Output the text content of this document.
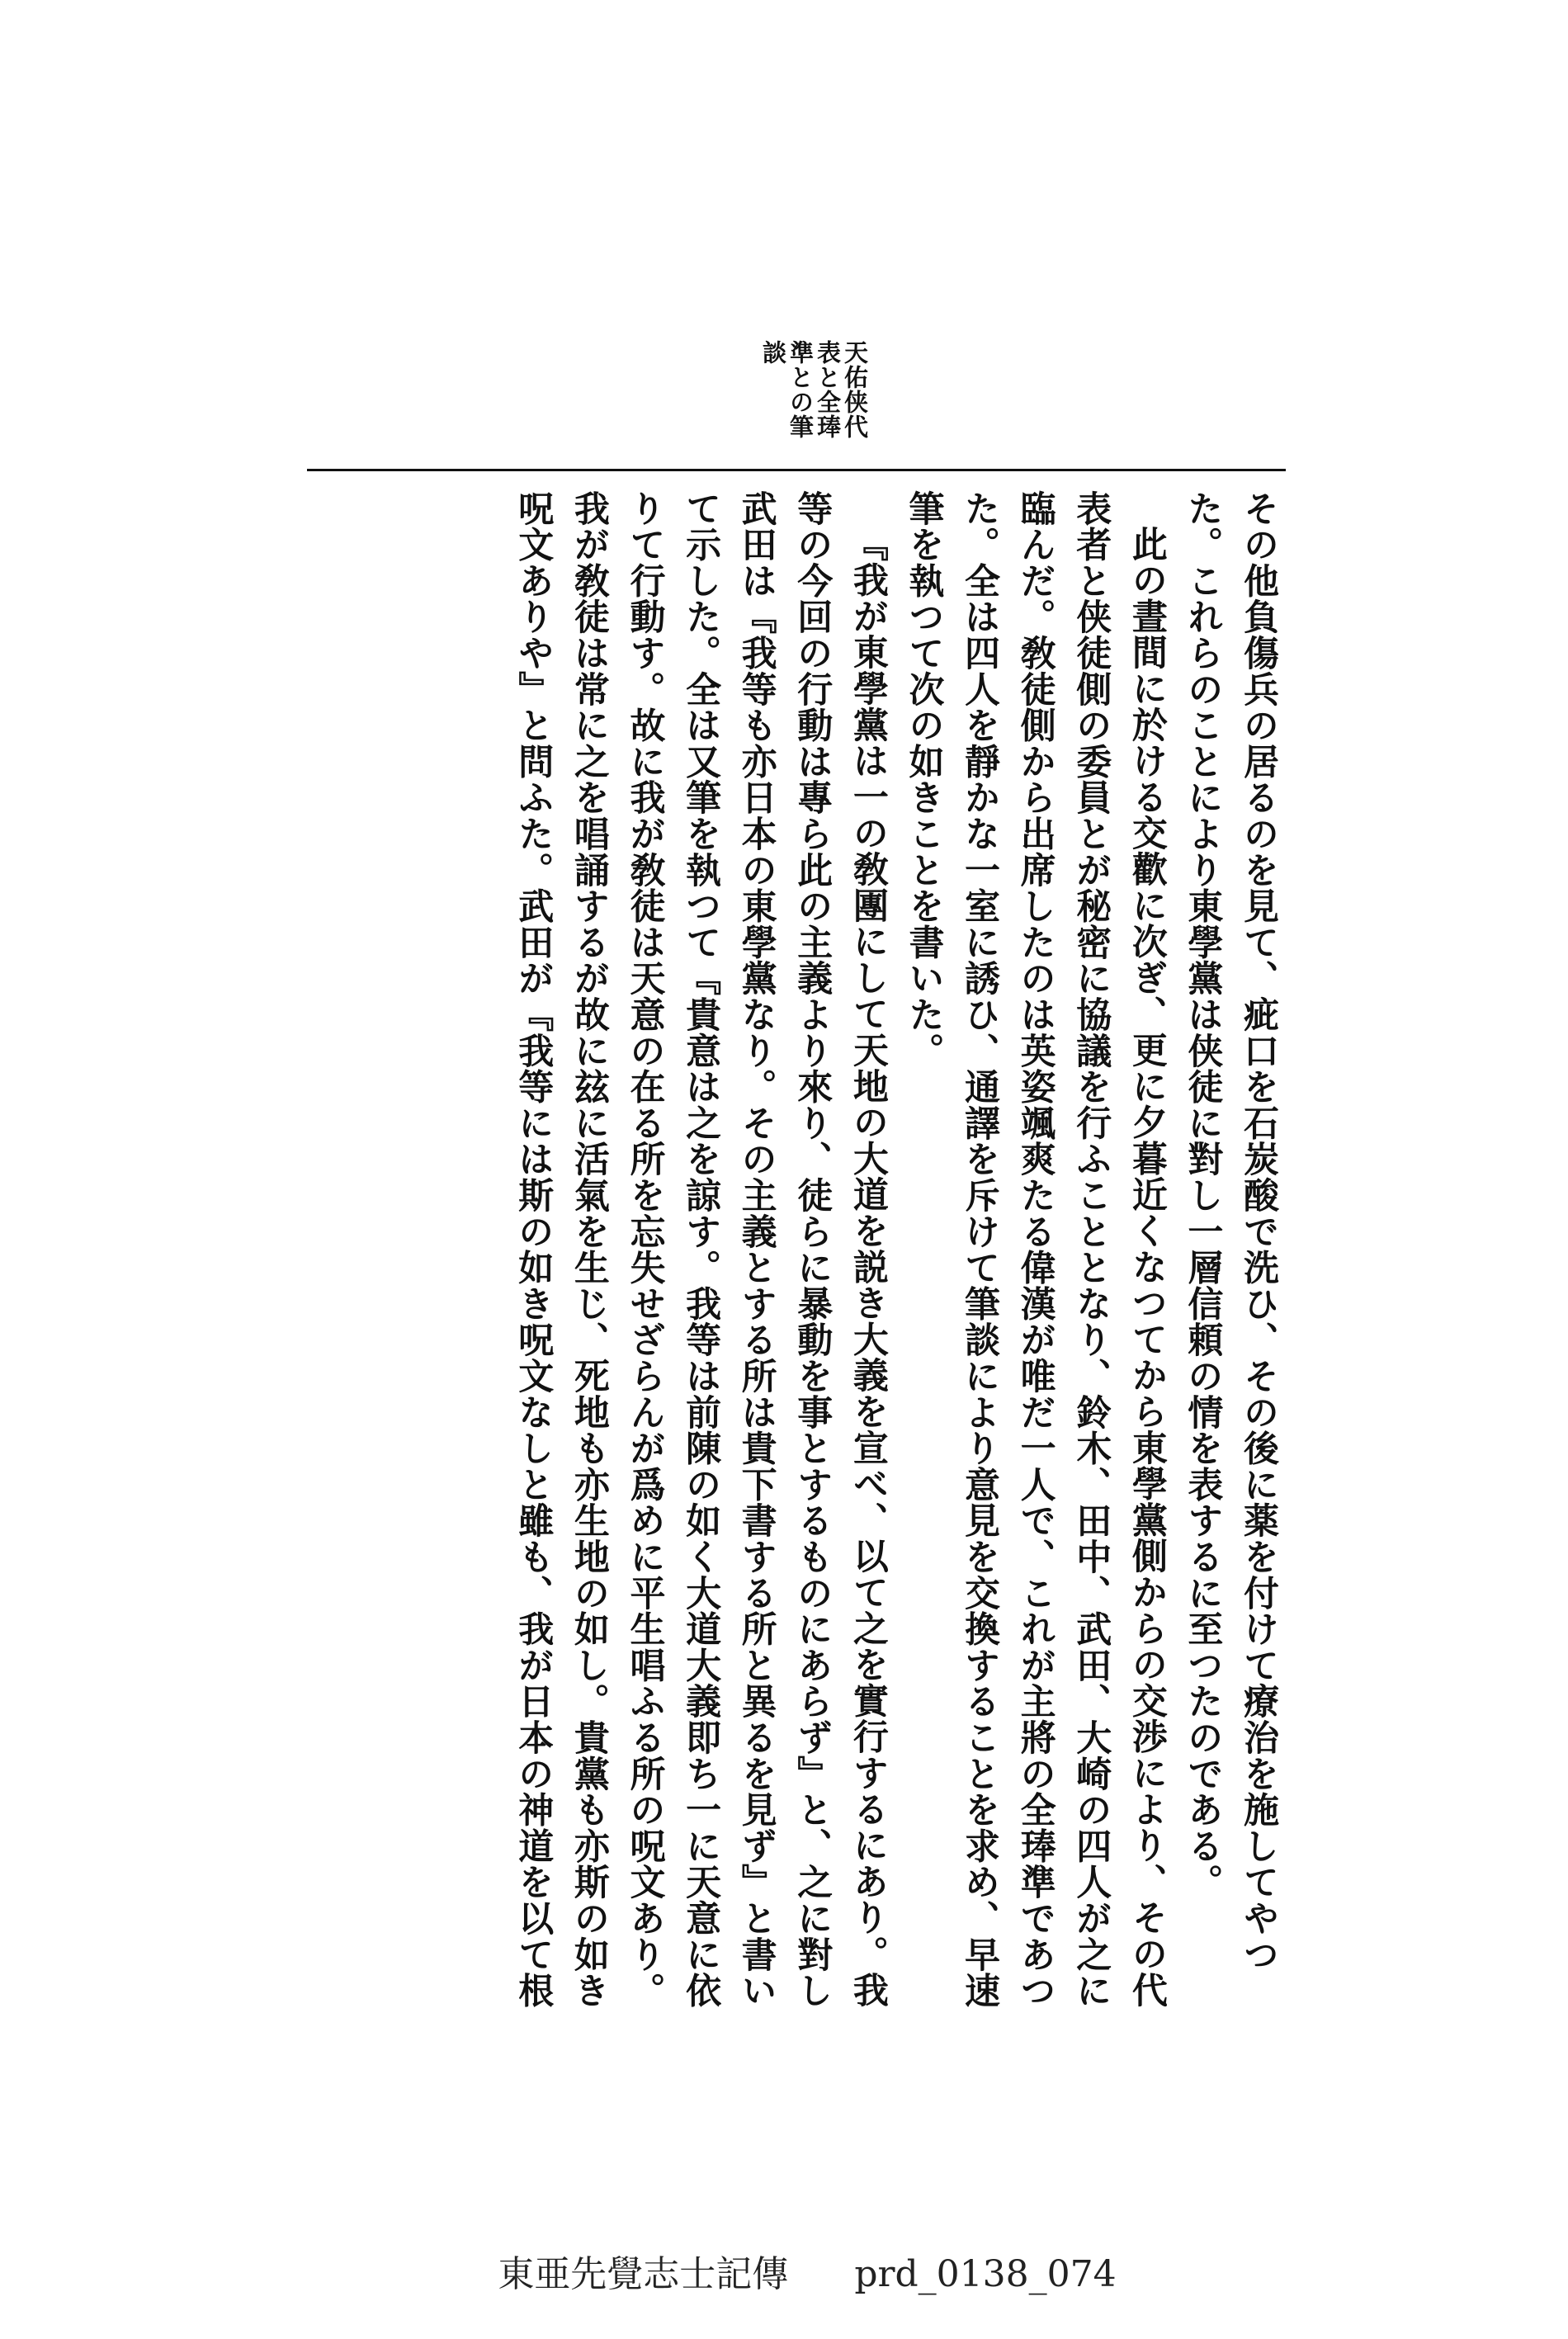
天佑侠代
表と全琫
準との筆
談

その他負傷兵の居るのを見て、疵口を石炭酸で洗ひ、その後に薬を付けて療治を施してやつた。これらのことにより東學黨は侠徒に對し一層信頼の情を表するに至つたのである。

此の晝間に於ける交歡に次ぎ、更に夕暮近くなつてから東學黨側からの交渉により、その代表者と侠徒側の委員とが秘密に協議を行ふこととなり、鈴木、田中、武田、大崎の四人が之に臨んだ。敎徒側から出席したのは英姿颯爽たる偉漢が唯だ一人で、これが主將の全琫準であつた。全は四人を靜かな一室に誘ひ、通譯を斥けて筆談により意見を交換することを求め、早速筆を執つて次の如きことを書いた。

『我が東學黨は一の敎團にして天地の大道を説き大義を宣べ、以て之を實行するにあり。我等の今回の行動は專ら此の主義より來り、徒らに暴動を事とするものにあらず』と、之に對し武田は『我等も亦日本の東學黨なり。その主義とする所は貴下書する所と異るを見ず』と書いて示した。全は又筆を執つて『貴意は之を諒す。我等は前陳の如く大道大義即ち一に天意に依りて行動す。故に我が敎徒は天意の在る所を忘失せざらんが爲めに平生唱ふる所の呪文あり。我が敎徒は常に之を唱誦するが故に玆に活氣を生じ、死地も亦生地の如し。貴黨も亦斯の如き呪文ありや』と問ふた。武田が『我等には斯の如き呪文なしと雖も、我が日本の神道を以て根

東亜先覺志士記傳 prd_0138_074
